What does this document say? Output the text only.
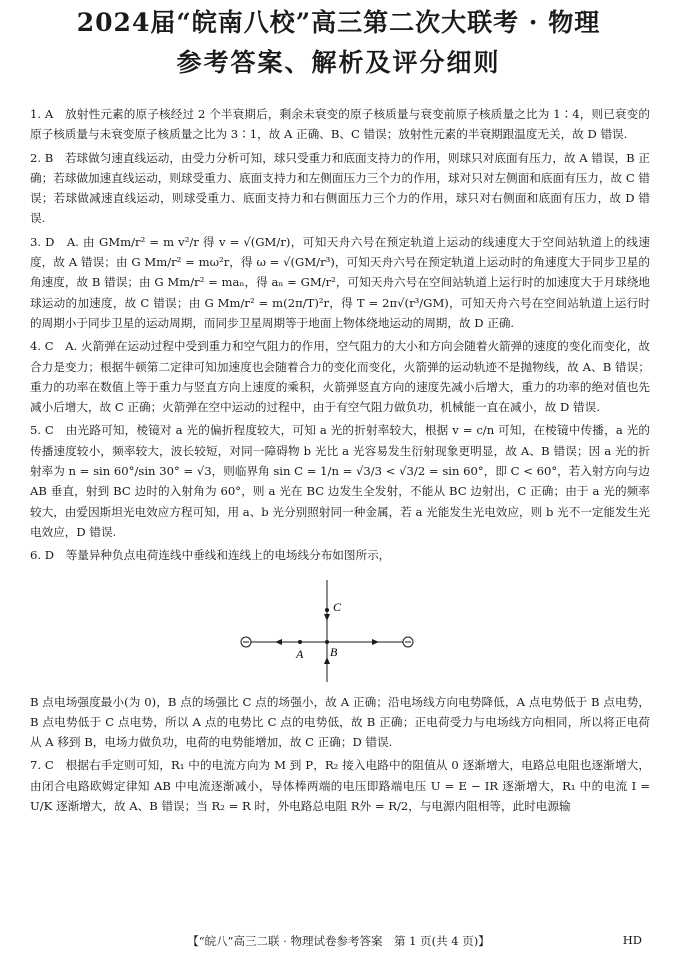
2024届“皖南八校”高三第二次大联考 · 物理
参考答案、解析及评分细则

1. A　放射性元素的原子核经过 2 个半衰期后，剩余未衰变的原子核质量与衰变前原子核质量之比为 1∶4，则已衰变的原子核质量与未衰变原子核质量之比为 3∶1，故 A 正确、B、C 错误；放射性元素的半衰期跟温度无关，故 D 错误.

2. B　若球做匀速直线运动，由受力分析可知，球只受重力和底面支持力的作用，则球只对底面有压力，故 A 错误，B 正确；若球做加速直线运动，则球受重力、底面支持力和左侧面压力三个力的作用，球对只对左侧面和底面有压力，故 C 错误；若球做减速直线运动，则球受重力、底面支持力和右侧面压力三个力的作用，球只对右侧面和底面有压力，故 D 错误.

3. D　A. 由 GMm/r² = m v²/r 得 v = √(GM/r)，可知天舟六号在预定轨道上运动的线速度大于空间站轨道上的线速度，故 A 错误；由 G Mm/r² = mω²r，得 ω = √(GM/r³)，可知天舟六号在预定轨道上运动时的角速度大于同步卫星的角速度，故 B 错误；由 G Mm/r² = maₙ，得 aₙ = GM/r²，可知天舟六号在空间站轨道上运行时的加速度大于月球绕地球运动的加速度，故 C 错误；由 G Mm/r² = m(2π/T)²r，得 T = 2π√(r³/GM)，可知天舟六号在空间站轨道上运行时的周期小于同步卫星的运动周期，而同步卫星周期等于地面上物体绕地运动的周期，故 D 正确.

4. C　A. 火箭弹在运动过程中受到重力和空气阻力的作用，空气阻力的大小和方向会随着火箭弹的速度的变化而变化，故合力是变力；根据牛顿第二定律可知加速度也会随着合力的变化而变化，火箭弹的运动轨迹不是抛物线，故 A、B 错误；重力的功率在数值上等于重力与竖直方向上速度的乘积，火箭弹竖直方向的速度先减小后增大，重力的功率的绝对值也先减小后增大，故 C 正确；火箭弹在空中运动的过程中，由于有空气阻力做负功，机械能一直在减小，故 D 错误.

5. C　由光路可知，棱镜对 a 光的偏折程度较大，可知 a 光的折射率较大，根据 v = c/n 可知，在棱镜中传播，a 光的传播速度较小，频率较大，波长较短，对同一障碍物 b 光比 a 光容易发生衍射现象更明显，故 A、B 错误；因 a 光的折射率为 n = sin 60°/sin 30° = √3，则临界角 sin C = 1/n = √3/3 < √3/2 = sin 60°，即 C < 60°，若入射方向与边 AB 垂直，射到 BC 边时的入射角为 60°，则 a 光在 BC 边发生全发射，不能从 BC 边射出，C 正确；由于 a 光的频率较大，由爱因斯坦光电效应方程可知，用 a、b 光分别照射同一种金属，若 a 光能发生光电效应，则 b 光不一定能发生光电效应，D 错误.

6. D　等量异种负点电荷连线中垂线和连线上的电场线分布如图所示，

A B
C

B 点电场强度最小(为 0)，B 点的场强比 C 点的场强小，故 A 正确；沿电场线方向电势降低，A 点电势低于 B 点电势，B 点电势低于 C 点电势，所以 A 点的电势比 C 点的电势低，故 B 正确；正电荷受力与电场线方向相同，所以将正电荷从 A 移到 B，电场力做负功，电荷的电势能增加，故 C 正确；D 错误.

7. C　根据右手定则可知，R₁ 中的电流方向为 M 到 P，R₂ 接入电路中的阻值从 0 逐渐增大，电路总电阻也逐渐增大，由闭合电路欧姆定律知 AB 中电流逐渐减小，导体棒两端的电压即路端电压 U = E − IR 逐渐增大，R₁ 中的电流 I = U/K 逐渐增大，故 A、B 错误；当 R₂ = R 时，外电路总电阻 R外 = R/2，与电源内阻相等，此时电源输

【“皖八”高三二联 · 物理试卷参考答案　第 1 页(共 4 页)】	HD
